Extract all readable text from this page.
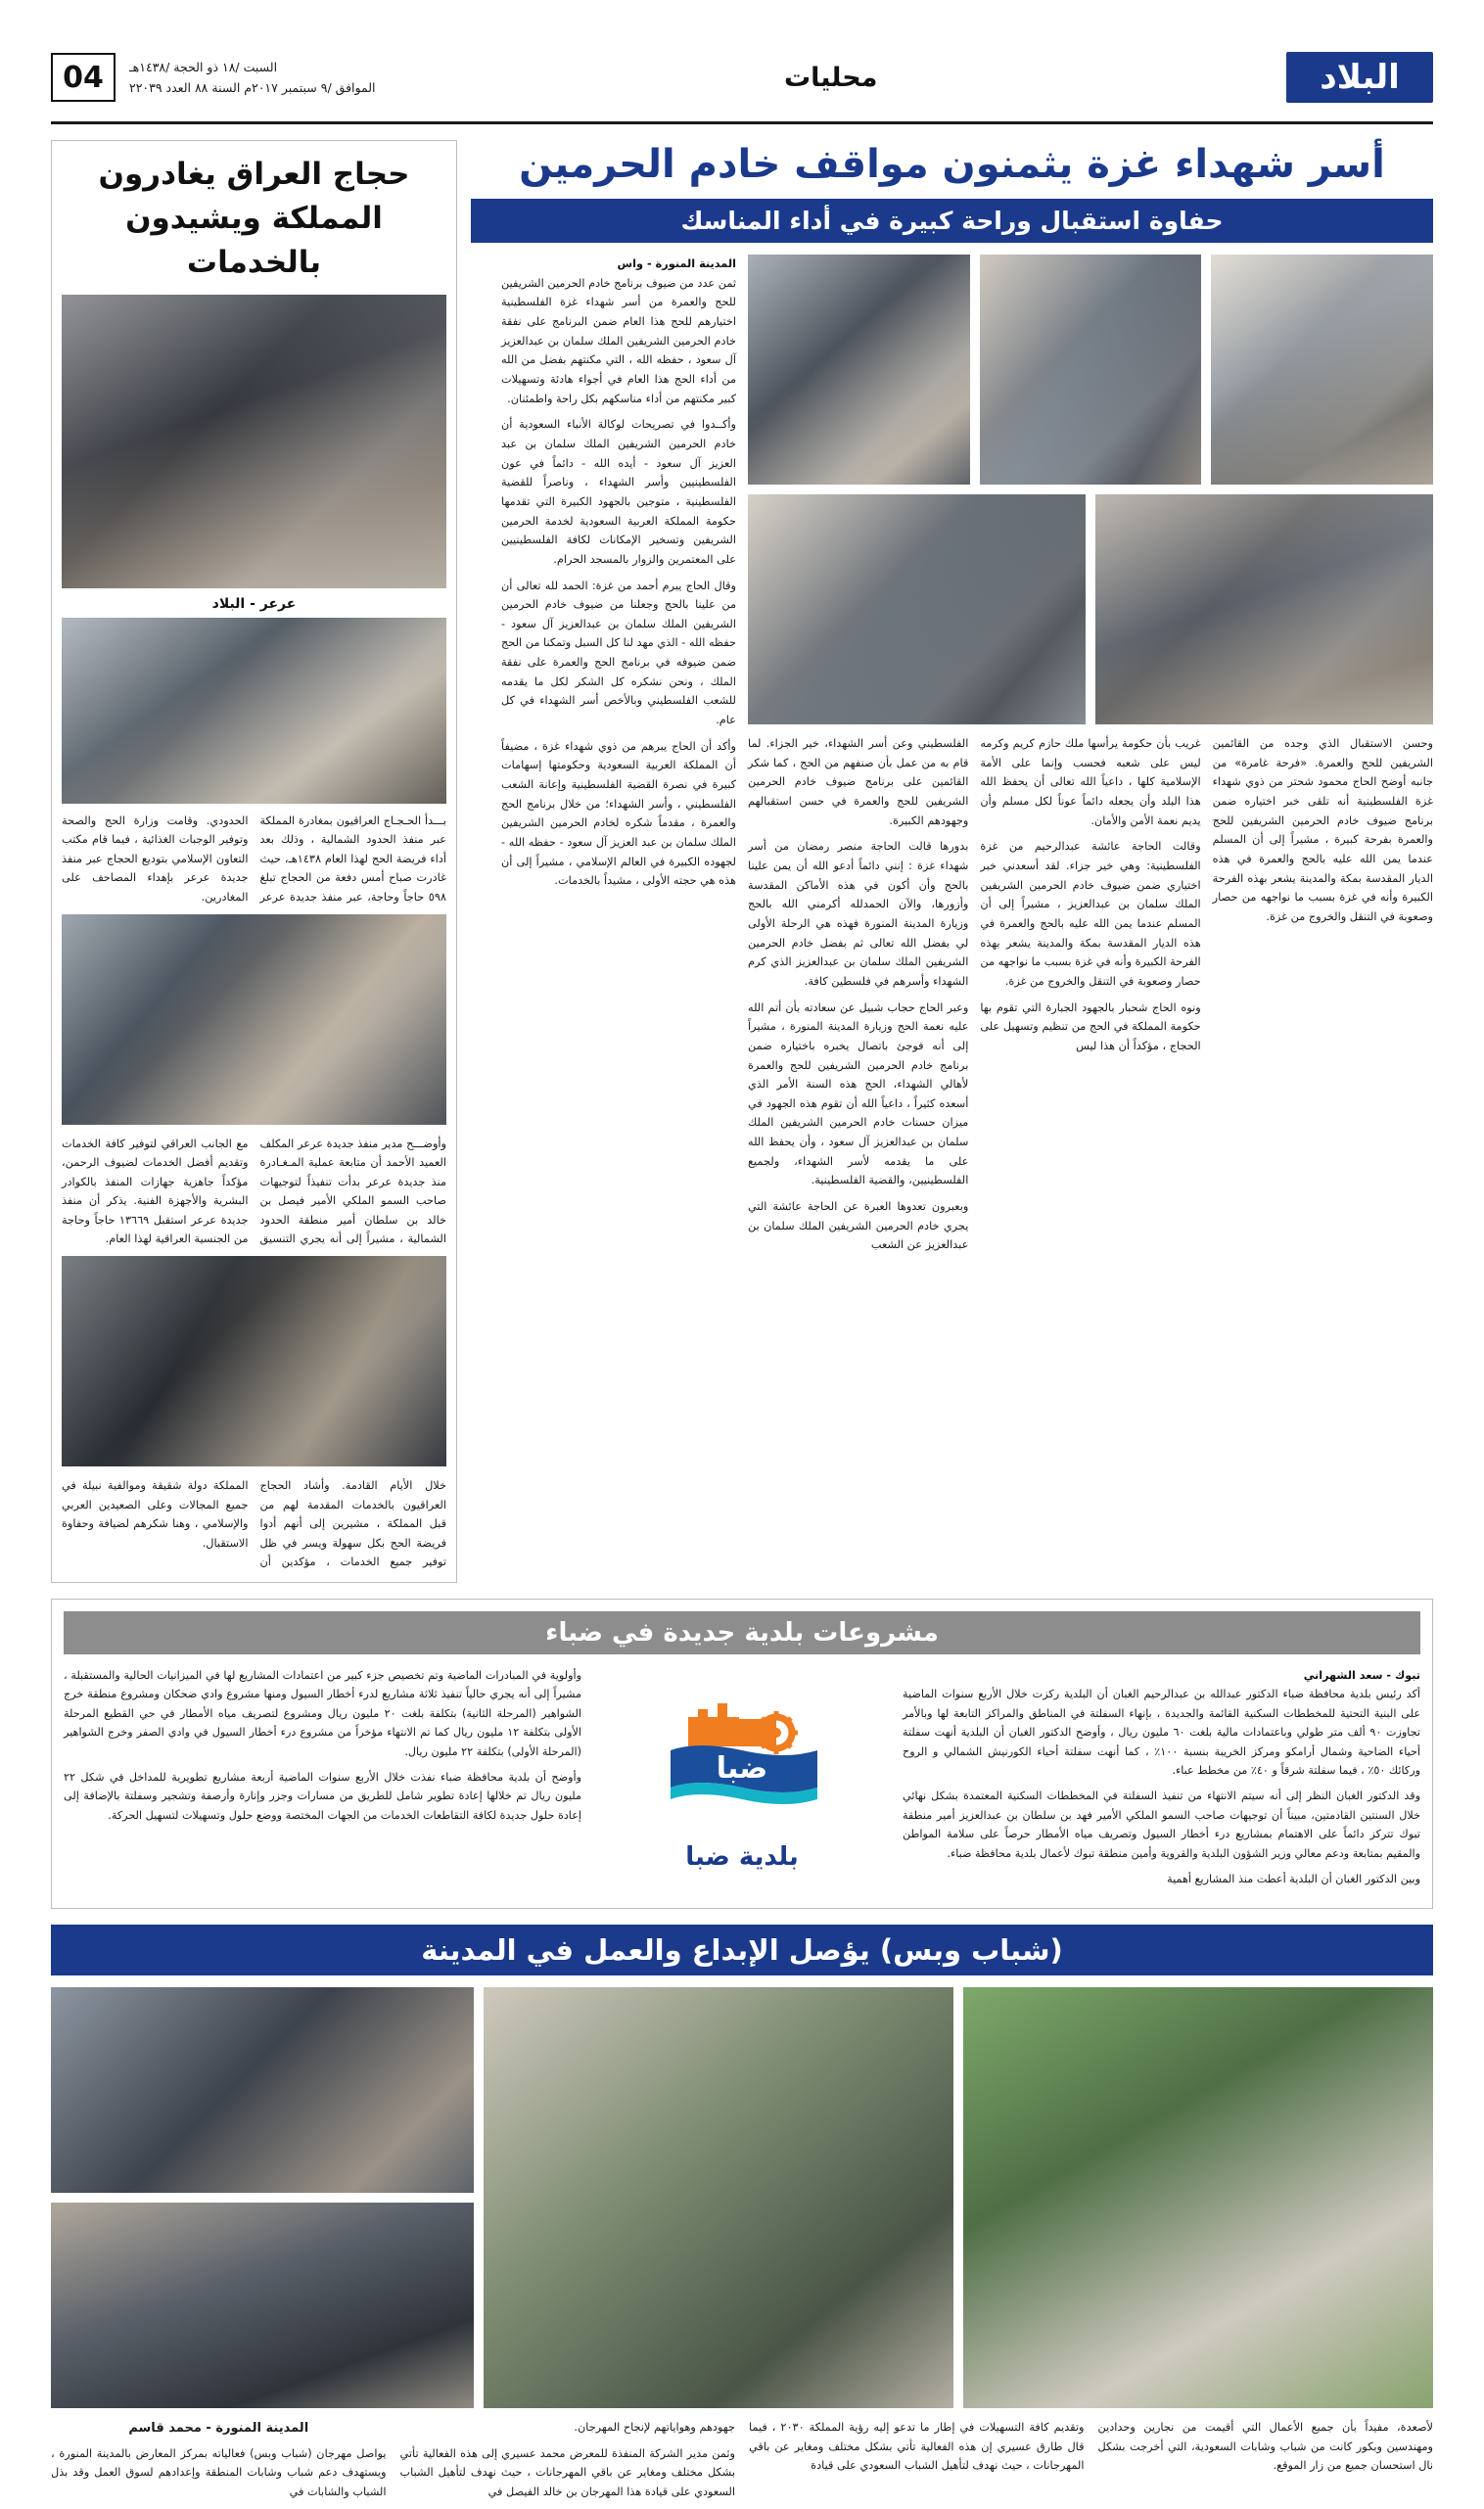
البلاد
محليات
السبت /١٨ ذو الحجة /١٤٣٨هـ
الموافق /٩ سبتمبر ٢٠١٧م السنة ٨٨ العدد ٢٢٠٣٩
04
أسر شهداء غزة يثمنون مواقف خادم الحرمين
حفاوة استقبال وراحة كبيرة في أداء المناسك
وحسن الاستقبال الذي وجده من القائمين الشريفين للحج والعمرة. «فرحة غامرة» من جانبه أوضح الحاج محمود شحتر من ذوي شهداء غزة الفلسطينية أنه تلقى خبر اختياره ضمن برنامج ضيوف خادم الحرمين الشريفين للحج والعمرة بفرحة كبيرة ، مشيراً إلى أن المسلم عندما يمن الله عليه بالحج والعمرة في هذه الديار المقدسة بمكة والمدينة يشعر بهذه الفرحة الكبيرة وأنه في غزة بسبب ما نواجهه من حصار وصعوبة في التنقل والخروج من غزة.

غريب بأن حكومة يرأسها ملك حازم كريم وكرمه ليس على شعبه فحسب وإنما على الأمة الإسلامية كلها ، داعياً الله تعالى أن يحفظ الله هذا البلد وأن يجعله دائماً عوناً لكل مسلم وأن يديم نعمة الأمن والأمان.

وقالت الحاجة عائشة عبدالرحيم من غزة الفلسطينية: وهي خير جزاء. لقد أسعدني خبر اختياري ضمن ضيوف خادم الحرمين الشريفين الملك سلمان بن عبدالعزيز ، مشيراً إلى أن المسلم عندما يمن الله عليه بالحج والعمرة في هذه الديار المقدسة بمكة والمدينة يشعر بهذه الفرحة الكبيرة وأنه في غزة بسبب ما نواجهه من حصار وصعوبة في التنقل والخروج من غزة.

ونوه الحاج شحبار بالجهود الجبارة التي تقوم بها حكومة المملكة في الحج من تنظيم وتسهيل على الحجاج ، مؤكداً أن هذا ليس

الفلسطيني وعن أسر الشهداء، خير الجزاء. لما قام به من عمل بأن صنفهم من الحج ، كما شكر القائمين على برنامج ضيوف خادم الحرمين الشريفين للحج والعمرة في حسن استقبالهم وجهودهم الكبيرة.

بدورها قالت الحاجة منصر رمضان من أسر شهداء غزة : إنني دائماً أدعو الله أن يمن علينا بالحج وأن أكون في هذه الأماكن المقدسة وأزورها، والآن الحمدلله أكرمني الله بالحج وزيارة المدينة المنورة فهذه هي الرحلة الأولى لي بفضل الله تعالى ثم بفضل خادم الحرمين الشريفين الملك سلمان بن عبدالعزيز الذي كرم الشهداء وأسرهم في فلسطين كافة.

وعبر الحاج حجاب شبيل عن سعادته بأن أتم الله عليه نعمة الحج وزيارة المدينة المنورة ، مشيراً إلى أنه فوجئ باتصال يخبره باختياره ضمن برنامج خادم الحرمين الشريفين للحج والعمرة لأهالي الشهداء، الحج هذه السنة الأمر الذي أسعده كثيراً ، داعياً الله أن تقوم هذه الجهود في ميزان حسنات خادم الحرمين الشريفين الملك سلمان بن عبدالعزيز آل سعود ، وأن يحفظ الله على ما يقدمه لأسر الشهداء، ولجميع الفلسطينيين، والقضية الفلسطينية.

وبعبرون تعدوها العبرة عن الحاجة عائشة التي يجري خادم الحرمين الشريفين الملك سلمان بن عبدالعزيز عن الشعب

المدينة المنورة - واس

ثمن عدد من ضيوف برنامج خادم الحرمين الشريفين للحج والعمرة من أسر شهداء غزة الفلسطينية اختيارهم للحج هذا العام ضمن البرنامج على نفقة خادم الحرمين الشريفين الملك سلمان بن عبدالعزيز آل سعود ، حفظه الله ، التي مكنتهم بفضل من الله من أداء الحج هذا العام في أجواء هادئة وتسهيلات كبير مكنتهم من أداء مناسكهم بكل راحة واطمئنان.

وأكــدوا في تصريحات لوكالة الأنباء السعودية أن خادم الحرمين الشريفين الملك سلمان بن عبد العزيز آل سعود - أيده الله - دائماً في عون الفلسطينيين وأسر الشهداء ، وناصراً للقضية الفلسطينية ، متوجين بالجهود الكبيرة التي تقدمها حكومة المملكة العربية السعودية لخدمة الحرمين الشريفين وتسخير الإمكانات لكافة الفلسطينيين على المعتمرين والزوار بالمسجد الحرام.

وقال الحاج يبرم أحمد من غزة: الحمد لله تعالى أن من علينا بالحج وجعلنا من ضيوف خادم الحرمين الشريفين الملك سلمان بن عبدالعزيز آل سعود - حفظه الله - الذي مهد لنا كل السبل وتمكنا من الحج ضمن ضيوفه في برنامج الحج والعمرة على نفقة الملك ، ونحن نشكره كل الشكر لكل ما يقدمه للشعب الفلسطيني وبالأخص أسر الشهداء في كل عام.

وأكد أن الحاج يبرهم من ذوي شهداء غزة ، مضيفاً أن المملكة العربية السعودية وحكومتها إسهامات كبيرة في نصرة القضية الفلسطينية وإعانة الشعب الفلسطيني ، وأسر الشهداء؛ من خلال برنامج الحج والعمرة ، مقدماً شكره لخادم الحرمين الشريفين الملك سلمان بن عبد العزيز آل سعود - حفظه الله - لجهوده الكبيرة في العالم الإسلامي ، مشيراً إلى أن هذه هي حجته الأولى ، مشيداً بالخدمات.

حجاج العراق يغادرون المملكة ويشيدون بالخدمات
عرعر - البلاد
بـــدأ الحـجـاج العراقيون بمغادرة المملكة عبر منفذ الحدود الشمالية ، وذلك بعد أداء فريضة الحج لهذا العام ١٤٣٨هـ، حيث غادرت صباح أمس دفعة من الحجاج تبلغ ٥٩٨ حاجاً وحاجة، عبر منفذ جديدة عرعر الحدودي. وقامت وزارة الحج والصحة وتوفير الوجبات الغذائية ، فيما قام مكتب التعاون الإسلامي بتوديع الحجاج عبر منفذ جديدة عرعر بإهداء المصاحف على المغادرين.
وأوضـــح مدير منفذ جديدة عرعر المكلف العميد الأحمد أن متابعة عملية المـغـادرة منذ جديدة عرعر بدأت تنفيذاً لتوجيهات صاحب السمو الملكي الأمير فيصل بن خالد بن سلطان أمير منطقة الحدود الشمالية ، مشيراً إلى أنه يجري التنسيق مع الجانب العراقي لتوفير كافة الخدمات وتقديم أفضل الخدمات لضيوف الرحمن، مؤكداً جاهزية جهازات المنفذ بالكوادر البشرية والأجهزة الفنية. يذكر أن منفذ جديدة عرعر استقبل ١٣٦٦٩ حاجاً وحاجة من الجنسية العراقية لهذا العام.
خلال الأيام القادمة. وأشاد الحجاج العراقيون بالخدمات المقدمة لهم من قبل المملكة ، مشيرين إلى أنهم أدوا فريضة الحج بكل سهولة ويسر في ظل توفير جميع الخدمات ، مؤكدين أن المملكة دولة شقيقة وموالفية نبيلة في جميع المجالات وعلى الصعيدين العربي والإسلامي ، وهنا شكرهم لضيافة وحفاوة الاستقبال.
مشروعات بلدية جديدة في ضباء
تبوك - سعد الشهراني

أكد رئيس بلدية محافظة ضباء الدكتور عبدالله بن عبدالرحيم الغبان أن البلدية ركزت خلال الأربع سنوات الماضية على البنية التحتية للمخططات السكنية القائمة والجديدة ، بإنهاء السفلتة في المناطق والمراكز التابعة لها وبالأمر تجاوزت ٩٠ ألف متر طولي وباعتمادات مالية بلغت ٦٠ مليون ريال ، وأوضح الدكتور الغبان أن البلدية أنهت سفلتة أحياء الضاحية وشمال أرامكو ومركز الخريبة بنسبة ١٠٠٪ ، كما أنهت سفلتة أحياء الكورنيش الشمالي و الروح وركائك ٥٠٪ ، فيما سفلتة شرقاً و ٤٠٪ من مخطط عباء.

وقد الدكتور الغبان النظر إلى أنه سيتم الانتهاء من تنفيذ السفلتة في المخططات السكنية المعتمدة بشكل نهائي خلال السنتين القادمتين، مبيناً أن توجيهات صاحب السمو الملكي الأمير فهد بن سلطان بن عبدالعزيز أمير منطقة تبوك تتركز دائماً على الاهتمام بمشاريع درء أخطار السيول وتصريف مياه الأمطار حرصاً على سلامة المواطن والمقيم بمتابعة ودعم معالي وزير الشؤون البلدية والقروية وأمين منطقة تبوك لأعمال بلدية محافظة ضباء.

وبين الدكتور الغبان أن البلدية أعطت منذ المشاريع أهمية

ضبا
بلدية ضبا

وأولوية في المبادرات الماضية وتم تخصيص جزء كبير من اعتمادات المشاريع لها في الميزانيات الحالية والمستقبلة ، مشيراً إلى أنه يجري حالياً تنفيذ ثلاثة مشاريع لدرء أخطار السيول ومنها مشروع وادي ضحكان ومشروع منطقة خرج الشواهير (المرحلة الثانية) بتكلفة بلغت ٢٠ مليون ريال ومشروع لتصريف مياه الأمطار في حي القطيع المرحلة الأولى بتكلفة ١٢ مليون ريال كما تم الانتهاء مؤخراً من مشروع درء أخطار السيول في وادي الصفر وخرج الشواهير (المرحلة الأولى) بتكلفة ٢٢ مليون ريال.

وأوضح أن بلدية محافظة ضباء نفذت خلال الأربع سنوات الماضية أربعة مشاريع تطويرية للمداخل في شكل ٢٢ مليون ريال تم خلالها إعادة تطوير شامل للطريق من مسارات وجزر وإنارة وأرصفة وتشجير وسفلتة بالإضافة إلى إعادة حلول جديدة لكافة التقاطعات الخدمات من الجهات المختصة ووضع حلول وتسهيلات لتسهيل الحركة.

(شباب وبس) يؤصل الإبداع والعمل في المدينة
لأصعدة، مفيداً بأن جميع الأعمال التي أقيمت من نجارين وحدادين ومهندسين وبكور كانت من شباب وشابات السعودية، التي أخرجت بشكل نال استحسان جميع من زار الموقع.
وتقديم كافة التسهيلات في إطار ما تدعو إليه رؤية المملكة ٢٠٣٠ ، فيما قال طارق عسيري إن هذه الفعالية تأتي بشكل مختلف ومغاير عن باقي المهرجانات ، حيث نهدف لتأهيل الشباب السعودي على قيادة

جهودهم وهواياتهم لإنجاح المهرجان.

وثمن مدير الشركة المنفذة للمعرض محمد عسيري إلى هذه الفعالية تأتي بشكل مختلف ومغاير عن باقي المهرجانات ، حيث نهدف لتأهيل الشباب السعودي على قيادة هذا المهرجان بن خالد الفيصل في

المدينة المنورة - محمد قاسم
يواصل مهرجان (شباب وبس) فعالياته بمركز المعارض بالمدينة المنورة ، ويستهدف دعم شباب وشابات المنطقة وإعدادهم لسوق العمل وقد بذل الشباب والشابات في
